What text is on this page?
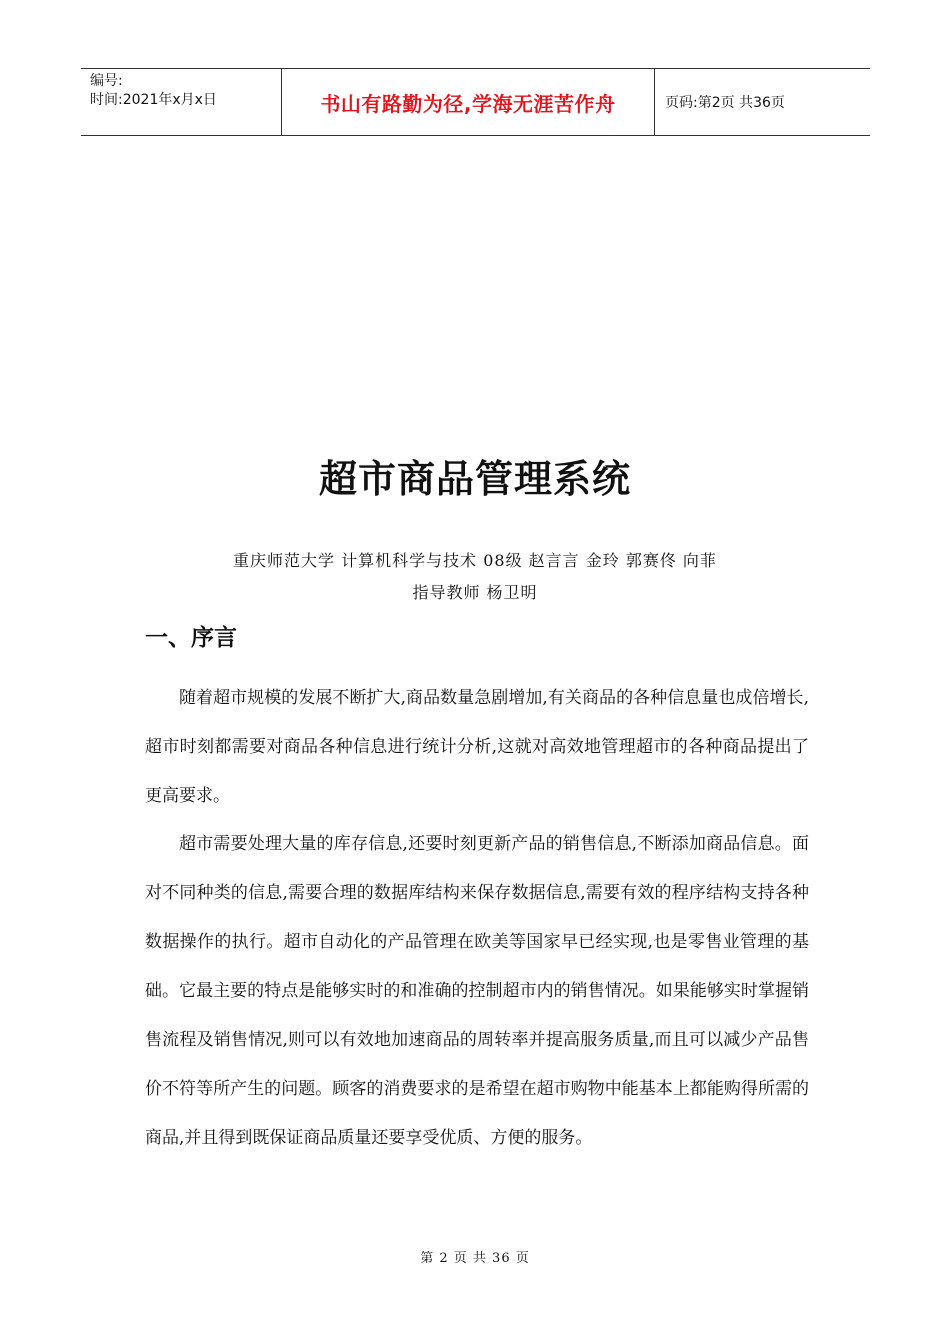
编号:
时间:2021年x月x日	书山有路勤为径,学海无涯苦作舟	页码:第2页 共36页
超市商品管理系统
重庆师范大学 计算机科学与技术 08级 赵言言 金玲 郭赛佟 向菲
指导教师 杨卫明
一、序言

随着超市规模的发展不断扩大,商品数量急剧增加,有关商品的各种信息量也成倍增长,超市时刻都需要对商品各种信息进行统计分析,这就对高效地管理超市的各种商品提出了更高要求。

超市需要处理大量的库存信息,还要时刻更新产品的销售信息,不断添加商品信息。面对不同种类的信息,需要合理的数据库结构来保存数据信息,需要有效的程序结构支持各种数据操作的执行。超市自动化的产品管理在欧美等国家早已经实现,也是零售业管理的基础。它最主要的特点是能够实时的和准确的控制超市内的销售情况。如果能够实时掌握销售流程及销售情况,则可以有效地加速商品的周转率并提高服务质量,而且可以减少产品售价不符等所产生的问题。顾客的消费要求的是希望在超市购物中能基本上都能购得所需的商品,并且得到既保证商品质量还要享受优质、方便的服务。

第 2 页 共 36 页
